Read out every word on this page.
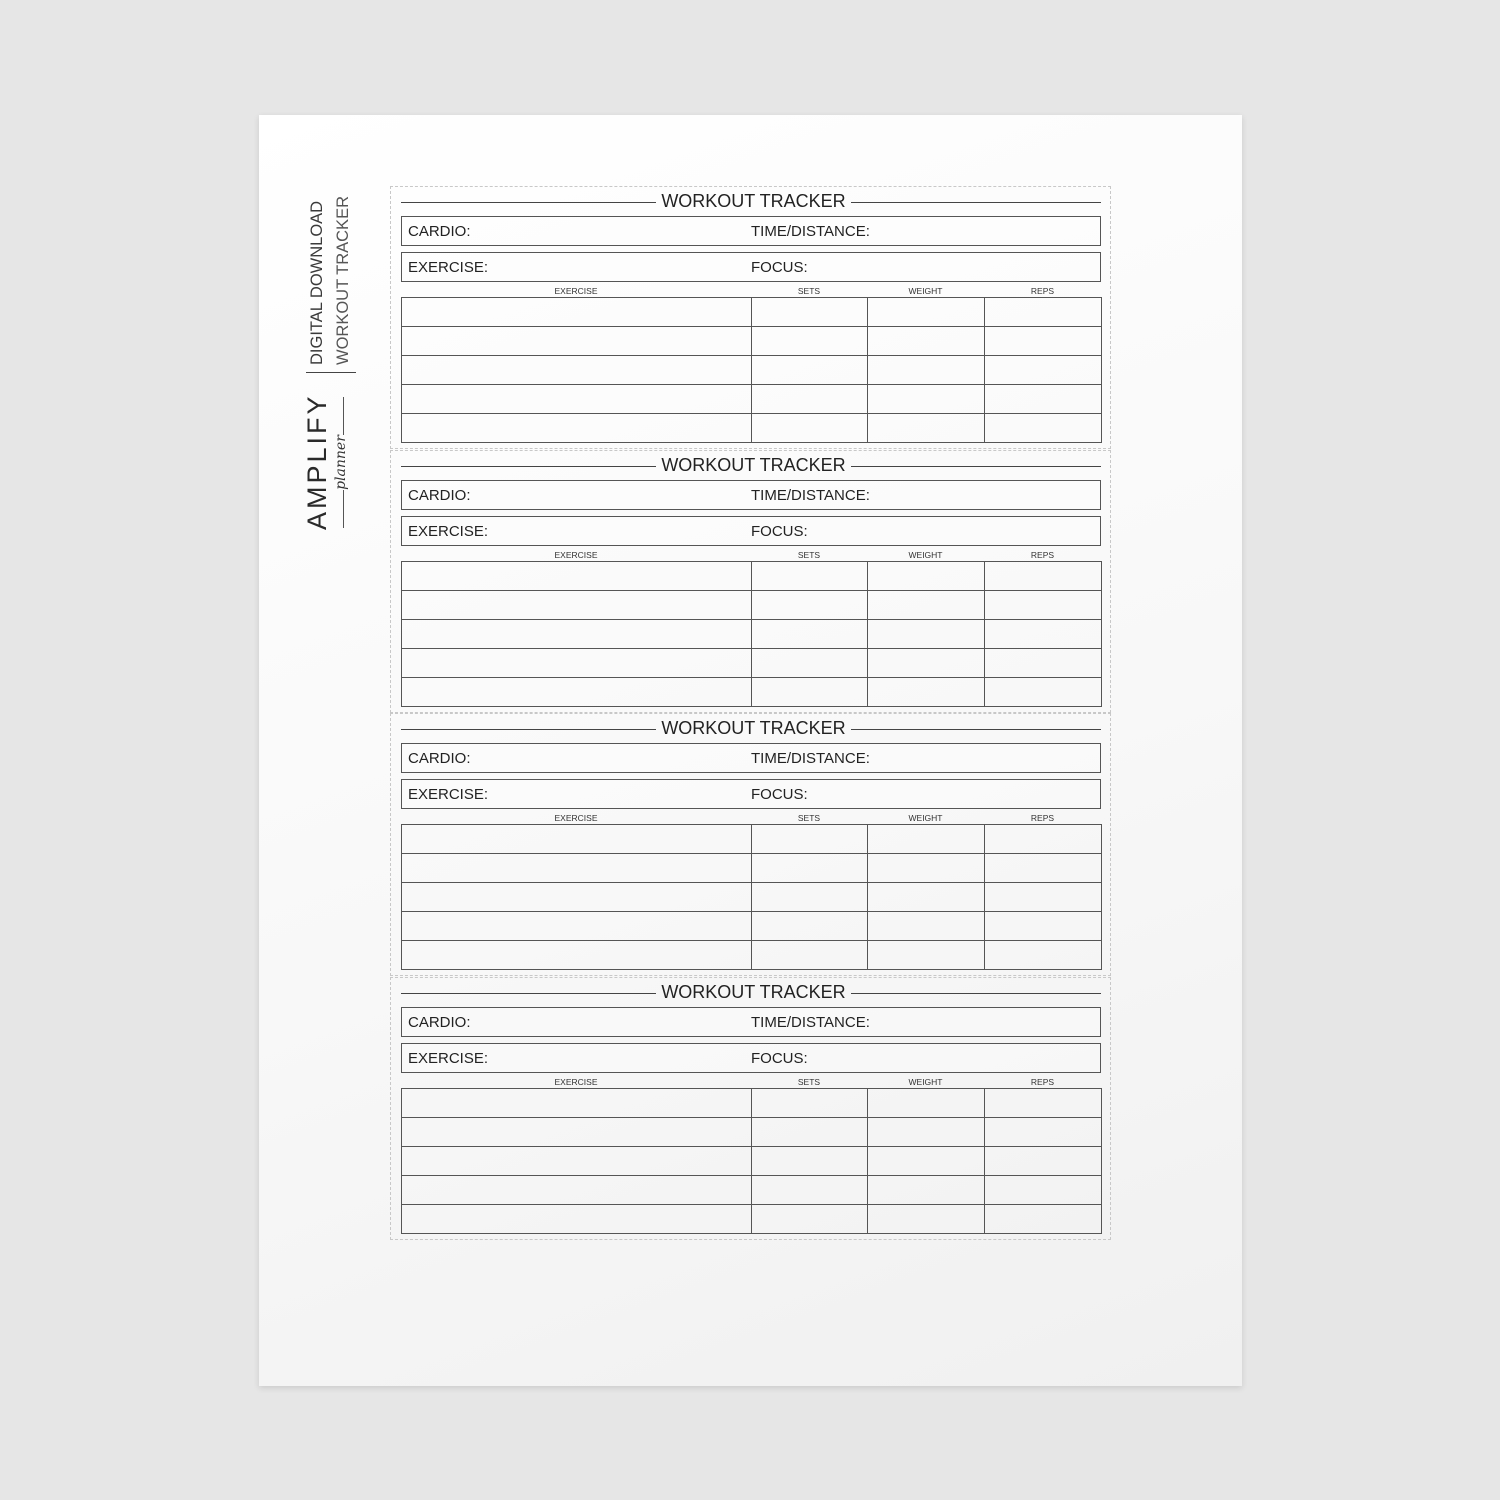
AMPLIFY planner
DIGITAL DOWNLOAD WORKOUT TRACKER	WORKOUT TRACKER
CARDIO:	TIME/DISTANCE:
EXERCISE:	FOCUS:
EXERCISE	SETS	WEIGHT	REPS

WORKOUT TRACKER
CARDIO:	TIME/DISTANCE:
EXERCISE:	FOCUS:
EXERCISE	SETS	WEIGHT	REPS

WORKOUT TRACKER
CARDIO:	TIME/DISTANCE:
EXERCISE:	FOCUS:
EXERCISE	SETS	WEIGHT	REPS

WORKOUT TRACKER
CARDIO:	TIME/DISTANCE:
EXERCISE:	FOCUS:
EXERCISE	SETS	WEIGHT	REPS
